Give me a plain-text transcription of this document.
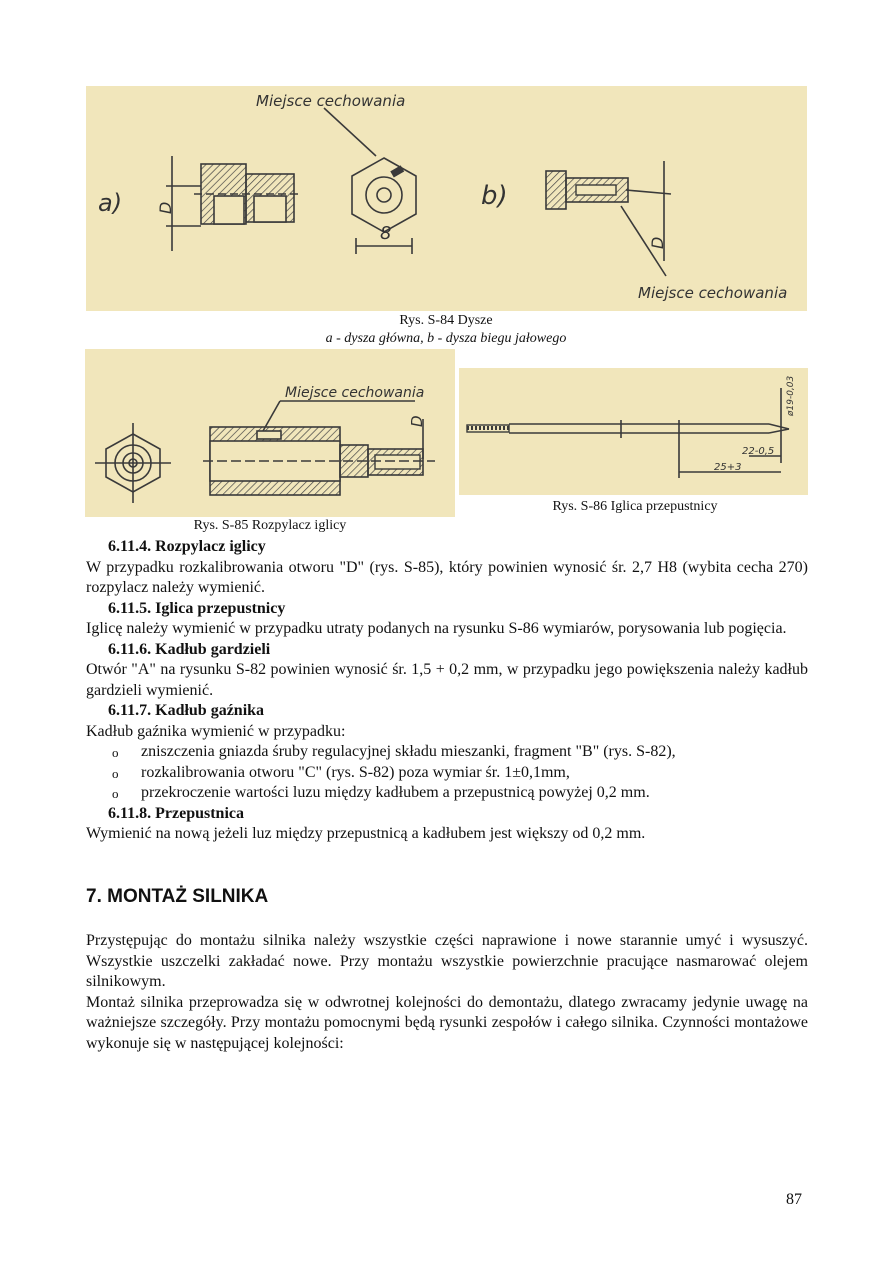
Miejsce cechowania
a) D
8
b)
D
Miejsce cechowania
Rys. S-84 Dysze
a - dysza główna, b - dysza biegu jałowego
Miejsce cechowania
D
Rys. S-85 Rozpylacz iglicy
22-0,5
25+3
ø19-0,03
Rys. S-86 Iglica przepustnicy
6.11.4. Rozpylacz iglicy

W przypadku rozkalibrowania otworu "D" (rys. S-85), który powinien wynosić śr. 2,7 H8 (wybita cecha 270) rozpylacz należy wymienić.

6.11.5. Iglica przepustnicy

Iglicę należy wymienić w przypadku utraty podanych na rysunku S-86 wymiarów, porysowania lub pogięcia.

6.11.6. Kadłub gardzieli

Otwór "A" na rysunku S-82 powinien wynosić śr. 1,5 + 0,2 mm, w przypadku jego powiększenia należy kadłub gardzieli wymienić.

6.11.7. Kadłub gaźnika

Kadłub gaźnika wymienić w przypadku:

o zniszczenia gniazda śruby regulacyjnej składu mieszanki, fragment "B" (rys. S-82),
o rozkalibrowania otworu "C" (rys. S-82) poza wymiar śr. 1±0,1mm,
o przekroczenie wartości luzu między kadłubem a przepustnicą powyżej 0,2 mm.
6.11.8. Przepustnica

Wymienić na nową jeżeli luz między przepustnicą a kadłubem jest większy od 0,2 mm.

7. MONTAŻ SILNIKA

Przystępując do montażu silnika należy wszystkie części naprawione i nowe starannie umyć i wysuszyć. Wszystkie uszczelki zakładać nowe. Przy montażu wszystkie powierzchnie pracujące nasmarować olejem silnikowym.

Montaż silnika przeprowadza się w odwrotnej kolejności do demontażu, dlatego zwracamy jedynie uwagę na ważniejsze szczegóły. Przy montażu pomocnymi będą rysunki zespołów i całego silnika. Czynności montażowe wykonuje się w następującej kolejności:

87
